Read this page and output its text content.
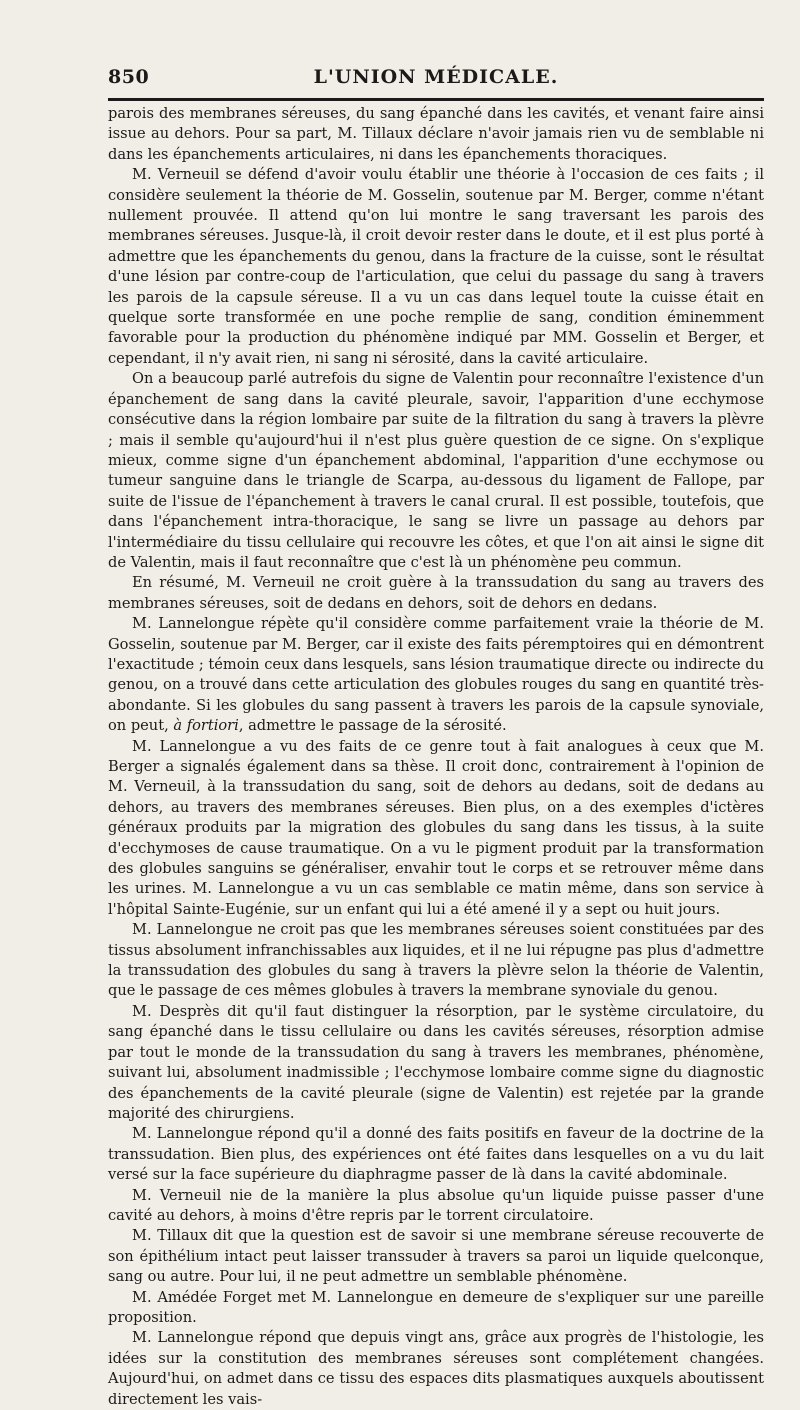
850	L'UNION MÉDICALE.

parois des membranes séreuses, du sang épanché dans les cavités, et venant faire ainsi issue au dehors. Pour sa part, M. Tillaux déclare n'avoir jamais rien vu de semblable ni dans les épanchements articulaires, ni dans les épanchements thoraciques.

M. Verneuil se défend d'avoir voulu établir une théorie à l'occasion de ces faits ; il considère seulement la théorie de M. Gosselin, soutenue par M. Berger, comme n'étant nullement prouvée. Il attend qu'on lui montre le sang traversant les parois des membranes séreuses. Jusque-là, il croit devoir rester dans le doute, et il est plus porté à admettre que les épanchements du genou, dans la fracture de la cuisse, sont le résultat d'une lésion par contre-coup de l'articulation, que celui du passage du sang à travers les parois de la capsule séreuse. Il a vu un cas dans lequel toute la cuisse était en quelque sorte transformée en une poche remplie de sang, condition éminemment favorable pour la production du phénomène indiqué par MM. Gosselin et Berger, et cependant, il n'y avait rien, ni sang ni sérosité, dans la cavité articulaire.

On a beaucoup parlé autrefois du signe de Valentin pour reconnaître l'existence d'un épanchement de sang dans la cavité pleurale, savoir, l'apparition d'une ecchymose consécutive dans la région lombaire par suite de la filtration du sang à travers la plèvre ; mais il semble qu'aujourd'hui il n'est plus guère question de ce signe. On s'explique mieux, comme signe d'un épanchement abdominal, l'apparition d'une ecchymose ou tumeur sanguine dans le triangle de Scarpa, au-dessous du ligament de Fallope, par suite de l'issue de l'épanchement à travers le canal crural. Il est possible, toutefois, que dans l'épanchement intra-thoracique, le sang se livre un passage au dehors par l'intermédiaire du tissu cellulaire qui recouvre les côtes, et que l'on ait ainsi le signe dit de Valentin, mais il faut reconnaître que c'est là un phénomène peu commun.

En résumé, M. Verneuil ne croit guère à la transsudation du sang au travers des membranes séreuses, soit de dedans en dehors, soit de dehors en dedans.

M. Lannelongue répète qu'il considère comme parfaitement vraie la théorie de M. Gosselin, soutenue par M. Berger, car il existe des faits péremptoires qui en démontrent l'exactitude ; témoin ceux dans lesquels, sans lésion traumatique directe ou indirecte du genou, on a trouvé dans cette articulation des globules rouges du sang en quantité très-abondante. Si les globules du sang passent à travers les parois de la capsule synoviale, on peut, à fortiori, admettre le passage de la sérosité.

M. Lannelongue a vu des faits de ce genre tout à fait analogues à ceux que M. Berger a signalés également dans sa thèse. Il croit donc, contrairement à l'opinion de M. Verneuil, à la transsudation du sang, soit de dehors au dedans, soit de dedans au dehors, au travers des membranes séreuses. Bien plus, on a des exemples d'ictères généraux produits par la migration des globules du sang dans les tissus, à la suite d'ecchymoses de cause traumatique. On a vu le pigment produit par la transformation des globules sanguins se généraliser, envahir tout le corps et se retrouver même dans les urines. M. Lannelongue a vu un cas semblable ce matin même, dans son service à l'hôpital Sainte-Eugénie, sur un enfant qui lui a été amené il y a sept ou huit jours.

M. Lannelongue ne croit pas que les membranes séreuses soient constituées par des tissus absolument infranchissables aux liquides, et il ne lui répugne pas plus d'admettre la transsudation des globules du sang à travers la plèvre selon la théorie de Valentin, que le passage de ces mêmes globules à travers la membrane synoviale du genou.

M. Desprès dit qu'il faut distinguer la résorption, par le système circulatoire, du sang épanché dans le tissu cellulaire ou dans les cavités séreuses, résorption admise par tout le monde de la transsudation du sang à travers les membranes, phénomène, suivant lui, absolument inadmissible ; l'ecchymose lombaire comme signe du diagnostic des épanchements de la cavité pleurale (signe de Valentin) est rejetée par la grande majorité des chirurgiens.

M. Lannelongue répond qu'il a donné des faits positifs en faveur de la doctrine de la transsudation. Bien plus, des expériences ont été faites dans lesquelles on a vu du lait versé sur la face supérieure du diaphragme passer de là dans la cavité abdominale.

M. Verneuil nie de la manière la plus absolue qu'un liquide puisse passer d'une cavité au dehors, à moins d'être repris par le torrent circulatoire.

M. Tillaux dit que la question est de savoir si une membrane séreuse recouverte de son épithélium intact peut laisser transsuder à travers sa paroi un liquide quelconque, sang ou autre. Pour lui, il ne peut admettre un semblable phénomène.

M. Amédée Forget met M. Lannelongue en demeure de s'expliquer sur une pareille proposition.

M. Lannelongue répond que depuis vingt ans, grâce aux progrès de l'histologie, les idées sur la constitution des membranes séreuses sont complétement changées. Aujourd'hui, on admet dans ce tissu des espaces dits plasmatiques auxquels aboutissent directement les vais-
